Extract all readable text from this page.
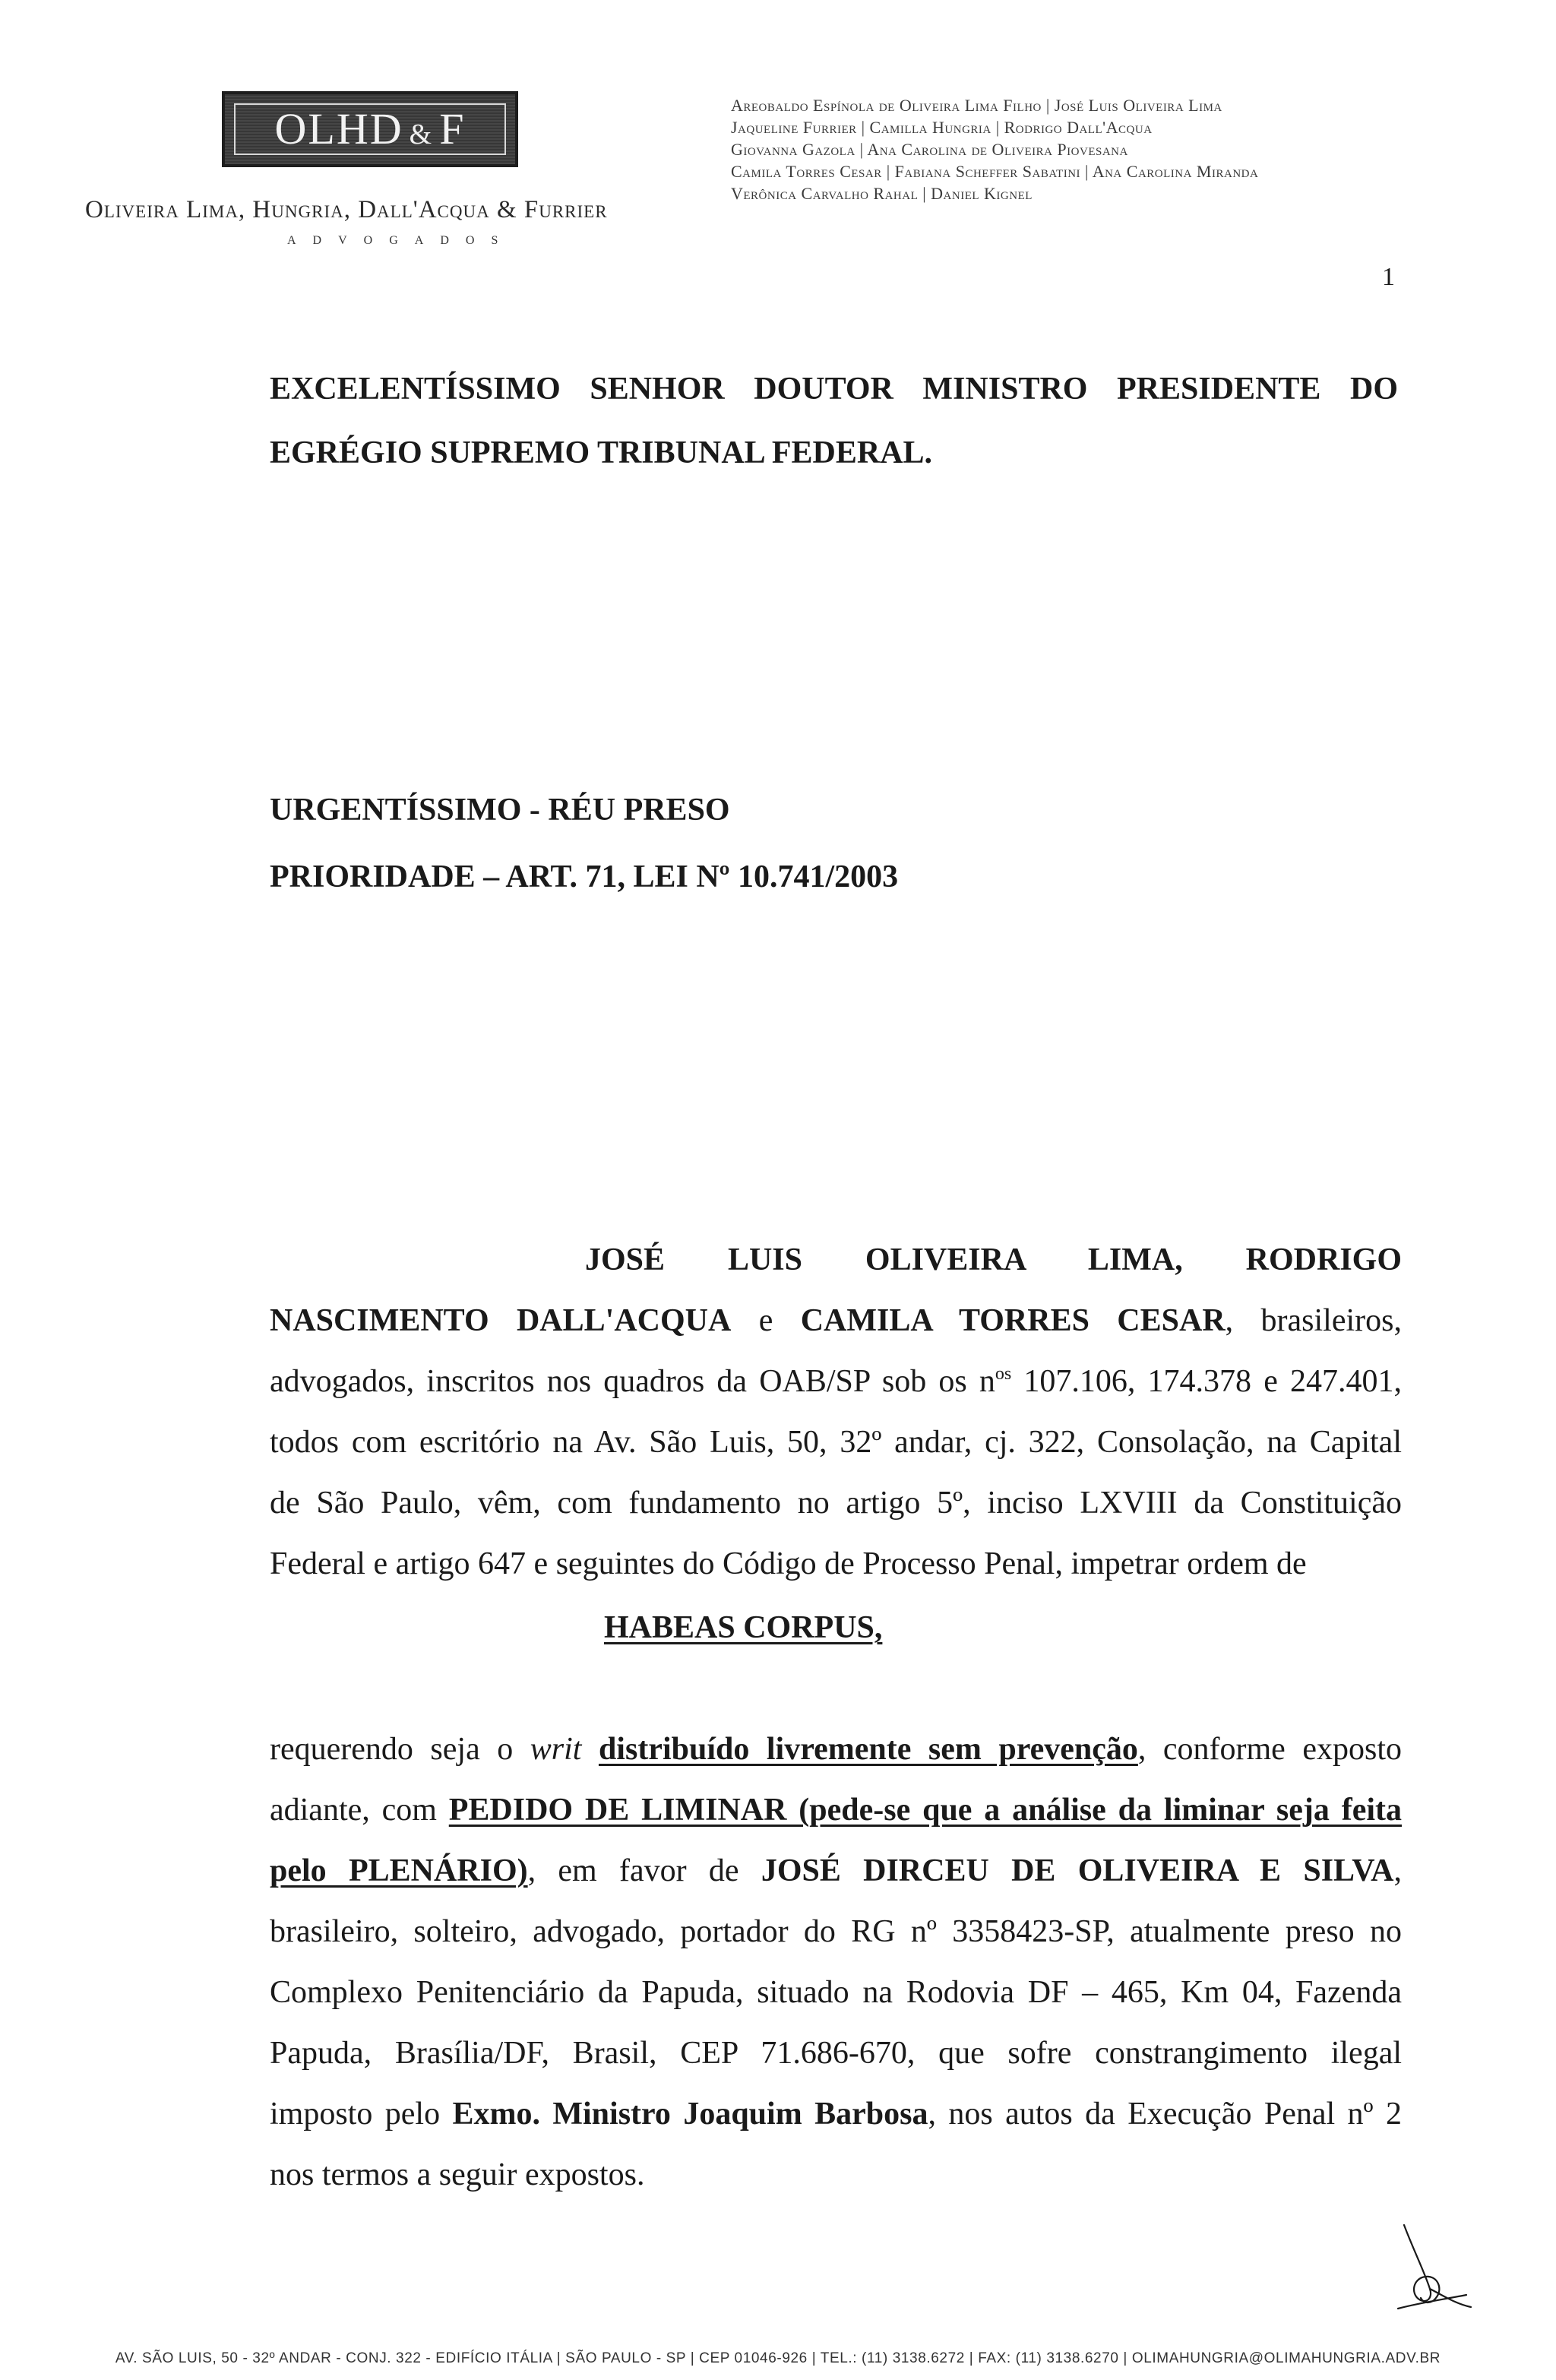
OLHD & F
Oliveira Lima, Hungria, Dall'Acqua & Furrier
ADVOGADOS
Areobaldo Espínola de Oliveira Lima Filho | José Luis Oliveira Lima
Jaqueline Furrier | Camilla Hungria | Rodrigo Dall'Acqua
Giovanna Gazola | Ana Carolina de Oliveira Piovesana
Camila Torres Cesar | Fabiana Scheffer Sabatini | Ana Carolina Miranda
Verônica Carvalho Rahal | Daniel Kignel
1
EXCELENTÍSSIMO SENHOR DOUTOR MINISTRO PRESIDENTE DO
EGRÉGIO SUPREMO TRIBUNAL FEDERAL.
URGENTÍSSIMO - RÉU PRESO
PRIORIDADE – ART. 71, LEI Nº 10.741/2003
JOSÉ LUIS OLIVEIRA LIMA, RODRIGO
NASCIMENTO DALL'ACQUA e CAMILA TORRES CESAR, brasileiros,
advogados, inscritos nos quadros da OAB/SP sob os $n^{os}$ 107.106, 174.378 e 247.401,
todos com escritório na Av. São Luis, 50, 32º andar, cj. 322, Consolação, na Capital
de São Paulo, vêm, com fundamento no artigo 5º, inciso LXVIII da Constituição
Federal e artigo 647 e seguintes do Código de Processo Penal, impetrar ordem de
HABEAS CORPUS,
requerendo seja o writ distribuído livremente sem prevenção, conforme exposto
adiante, com PEDIDO DE LIMINAR (pede-se que a análise da liminar seja feita
pelo PLENÁRIO), em favor de JOSÉ DIRCEU DE OLIVEIRA E SILVA,
brasileiro, solteiro, advogado, portador do RG nº 3358423-SP, atualmente preso no
Complexo Penitenciário da Papuda, situado na Rodovia DF – 465, Km 04, Fazenda
Papuda, Brasília/DF, Brasil, CEP 71.686-670, que sofre constrangimento ilegal
imposto pelo Exmo. Ministro Joaquim Barbosa, nos autos da Execução Penal nº 2
nos termos a seguir expostos.
AV. SÃO LUIS, 50 - 32º ANDAR - CONJ. 322 - EDIFÍCIO ITÁLIA | SÃO PAULO - SP | CEP 01046-926 | TEL.: (11) 3138.6272 | FAX: (11) 3138.6270 | OLIMAHUNGRIA@OLIMAHUNGRIA.ADV.BR
